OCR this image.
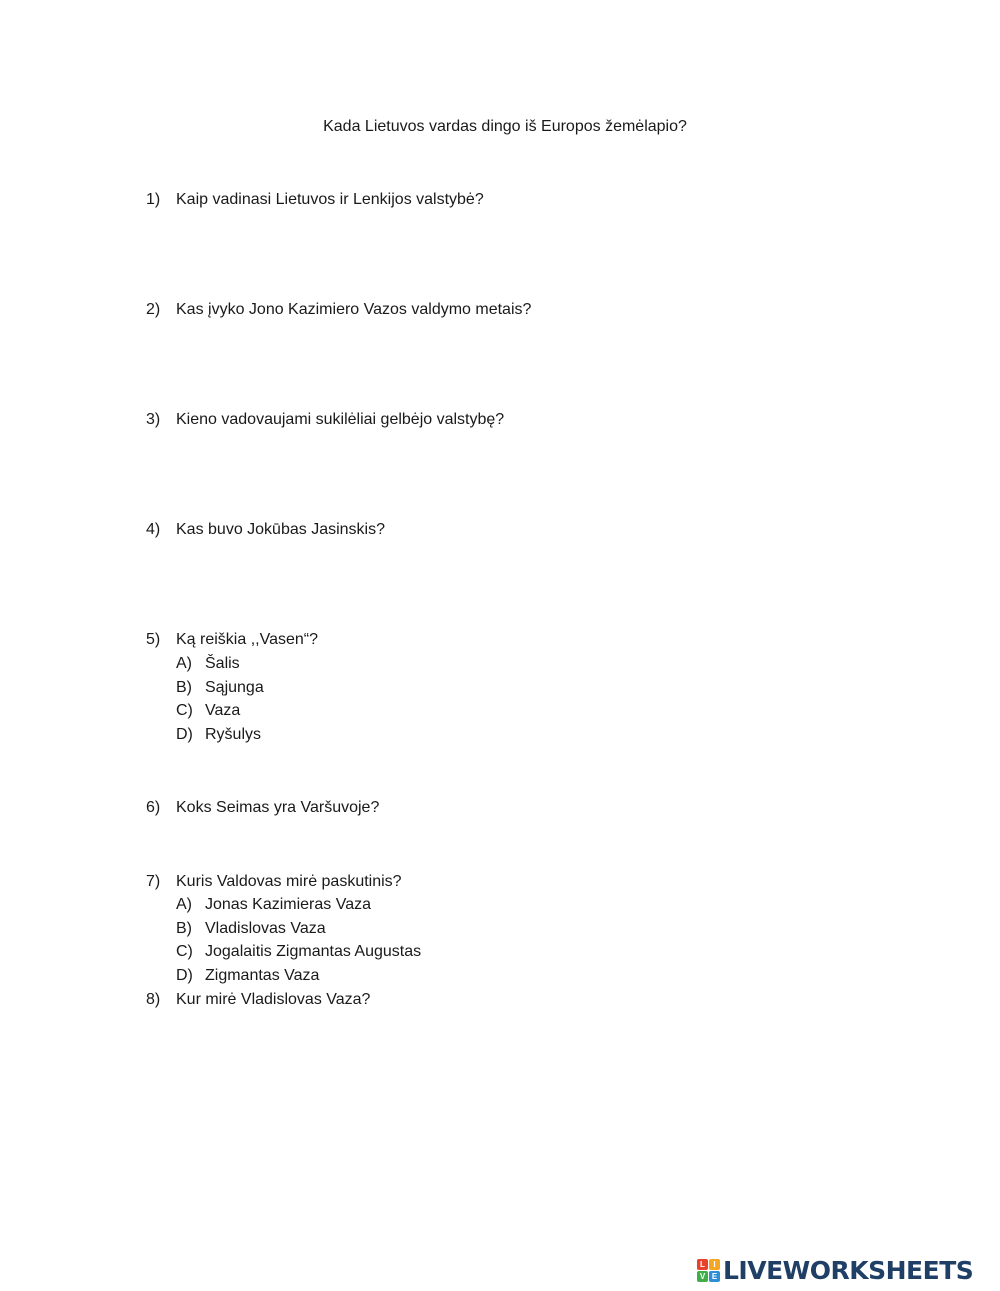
Kada Lietuvos vardas dingo iš Europos žemėlapio?
1) Kaip vadinasi Lietuvos ir Lenkijos valstybė?
2) Kas įvyko Jono Kazimiero Vazos valdymo metais?
3) Kieno vadovaujami sukilėliai gelbėjo valstybę?
4) Kas buvo Jokūbas Jasinskis?
5) Ką reiškia ,,Vasen“?
A) Šalis
B) Sąjunga
C) Vaza
D) Ryšulys
6) Koks Seimas yra Varšuvoje?
7) Kuris Valdovas mirė paskutinis?
A) Jonas Kazimieras Vaza
B) Vladislovas Vaza
C) Jogalaitis Zigmantas Augustas
D) Zigmantas Vaza
8) Kur mirė Vladislovas Vaza?
L	I
V E LIVEWORKSHEETS
